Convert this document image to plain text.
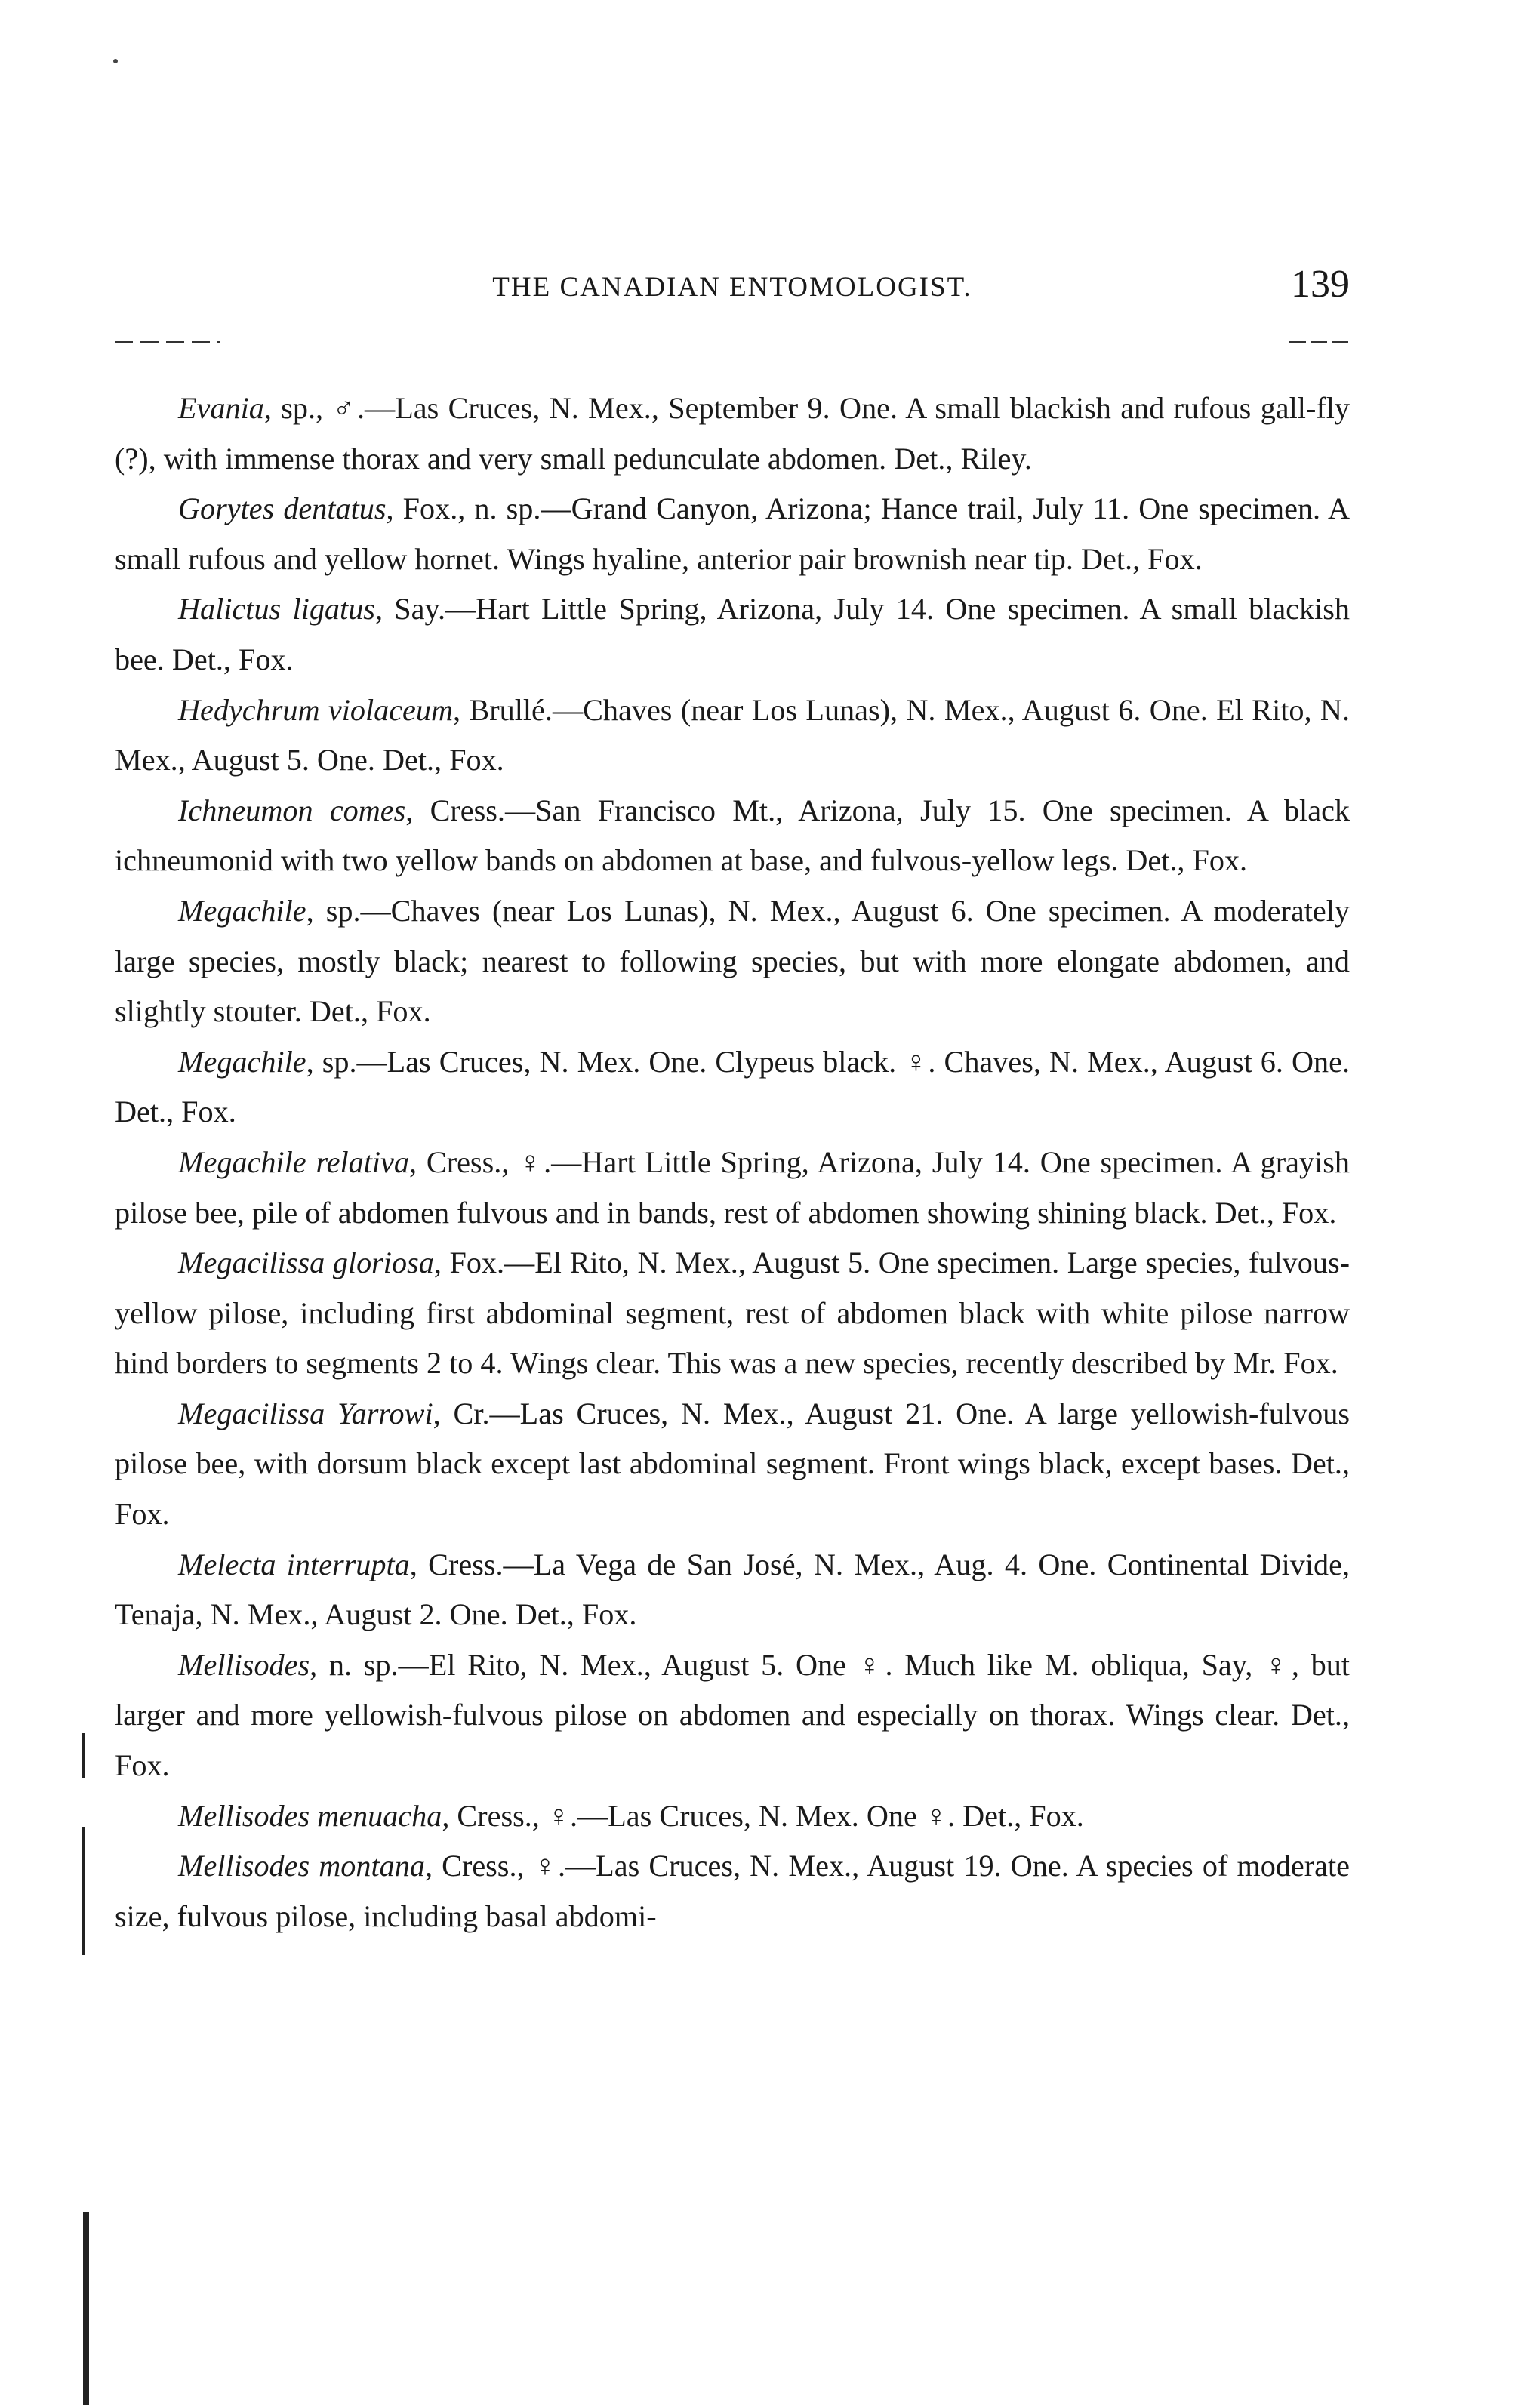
THE CANADIAN ENTOMOLOGIST.	139

Evania, sp., ♂.—Las Cruces, N. Mex., September 9. One. A small blackish and rufous gall-fly (?), with immense thorax and very small pedunculate abdomen. Det., Riley.

Gorytes dentatus, Fox., n. sp.—Grand Canyon, Arizona; Hance trail, July 11. One specimen. A small rufous and yellow hornet. Wings hyaline, anterior pair brownish near tip. Det., Fox.

Halictus ligatus, Say.—Hart Little Spring, Arizona, July 14. One specimen. A small blackish bee. Det., Fox.

Hedychrum violaceum, Brullé.—Chaves (near Los Lunas), N. Mex., August 6. One. El Rito, N. Mex., August 5. One. Det., Fox.

Ichneumon comes, Cress.—San Francisco Mt., Arizona, July 15. One specimen. A black ichneumonid with two yellow bands on abdomen at base, and fulvous-yellow legs. Det., Fox.

Megachile, sp.—Chaves (near Los Lunas), N. Mex., August 6. One specimen. A moderately large species, mostly black; nearest to following species, but with more elongate abdomen, and slightly stouter. Det., Fox.

Megachile, sp.—Las Cruces, N. Mex. One. Clypeus black. ♀. Chaves, N. Mex., August 6. One. Det., Fox.

Megachile relativa, Cress., ♀.—Hart Little Spring, Arizona, July 14. One specimen. A grayish pilose bee, pile of abdomen fulvous and in bands, rest of abdomen showing shining black. Det., Fox.

Megacilissa gloriosa, Fox.—El Rito, N. Mex., August 5. One specimen. Large species, fulvous-yellow pilose, including first abdominal segment, rest of abdomen black with white pilose narrow hind borders to segments 2 to 4. Wings clear. This was a new species, recently described by Mr. Fox.

Megacilissa Yarrowi, Cr.—Las Cruces, N. Mex., August 21. One. A large yellowish-fulvous pilose bee, with dorsum black except last abdominal segment. Front wings black, except bases. Det., Fox.

Melecta interrupta, Cress.—La Vega de San José, N. Mex., Aug. 4. One. Continental Divide, Tenaja, N. Mex., August 2. One. Det., Fox.

Mellisodes, n. sp.—El Rito, N. Mex., August 5. One ♀. Much like M. obliqua, Say, ♀, but larger and more yellowish-fulvous pilose on abdomen and especially on thorax. Wings clear. Det., Fox.

Mellisodes menuacha, Cress., ♀.—Las Cruces, N. Mex. One ♀. Det., Fox.

Mellisodes montana, Cress., ♀.—Las Cruces, N. Mex., August 19. One. A species of moderate size, fulvous pilose, including basal abdomi-
